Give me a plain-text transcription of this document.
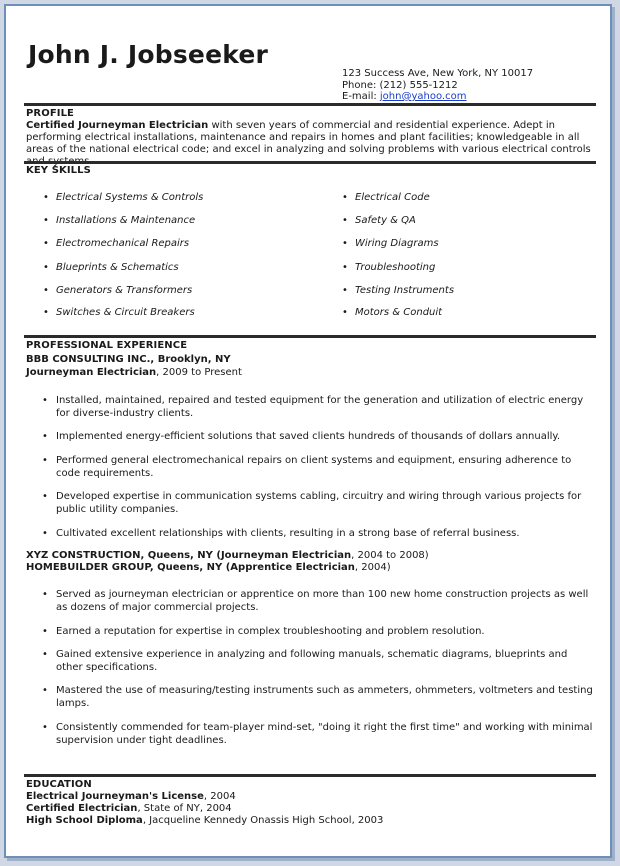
John J. Jobseeker
123 Success Ave, New York, NY 10017
Phone: (212) 555-1212
E-mail: john@yahoo.com
PROFILE
Certified Journeyman Electrician with seven years of commercial and residential experience. Adept in performing electrical installations, maintenance and repairs in homes and plant facilities; knowledgeable in all areas of the national electrical code; and excel in analyzing and solving problems with various electrical controls
KEY SKILLS
• Electrical Systems & Controls
• Installations & Maintenance
• Electromechanical Repairs
• Blueprints & Schematics
• Generators & Transformers
• Switches & Circuit Breakers
• Electrical Code
• Safety & QA
• Wiring Diagrams
• Troubleshooting
• Testing Instruments
• Motors & Conduit
PROFESSIONAL EXPERIENCE
BBB CONSULTING INC., Brooklyn, NY
Journeyman Electrician, 2009 to Present
• Installed, maintained, repaired and tested equipment for the generation and utilization of electric energy for diverse-industry clients.
• Implemented energy-efficient solutions that saved clients hundreds of thousands of dollars annually.
• Performed general electromechanical repairs on client systems and equipment, ensuring adherence to code requirements.
• Developed expertise in communication systems cabling, circuitry and wiring through various projects for public utility companies.
• Cultivated excellent relationships with clients, resulting in a strong base of referral business.
XYZ CONSTRUCTION, Queens, NY (Journeyman Electrician, 2004 to 2008)
HOMEBUILDER GROUP, Queens, NY (Apprentice Electrician, 2004)
• Served as journeyman electrician or apprentice on more than 100 new home construction projects as well as dozens of major commercial projects.
• Earned a reputation for expertise in complex troubleshooting and problem resolution.
• Gained extensive experience in analyzing and following manuals, schematic diagrams, blueprints and other specifications.
• Mastered the use of measuring/testing instruments such as ammeters, ohmmeters, voltmeters and testing lamps.
• Consistently commended for team-player mind-set, "doing it right the first time" and working with minimal supervision under tight deadlines.
EDUCATION
Electrical Journeyman's License, 2004
Certified Electrician, State of NY, 2004
High School Diploma, Jacqueline Kennedy Onassis High School, 2003
